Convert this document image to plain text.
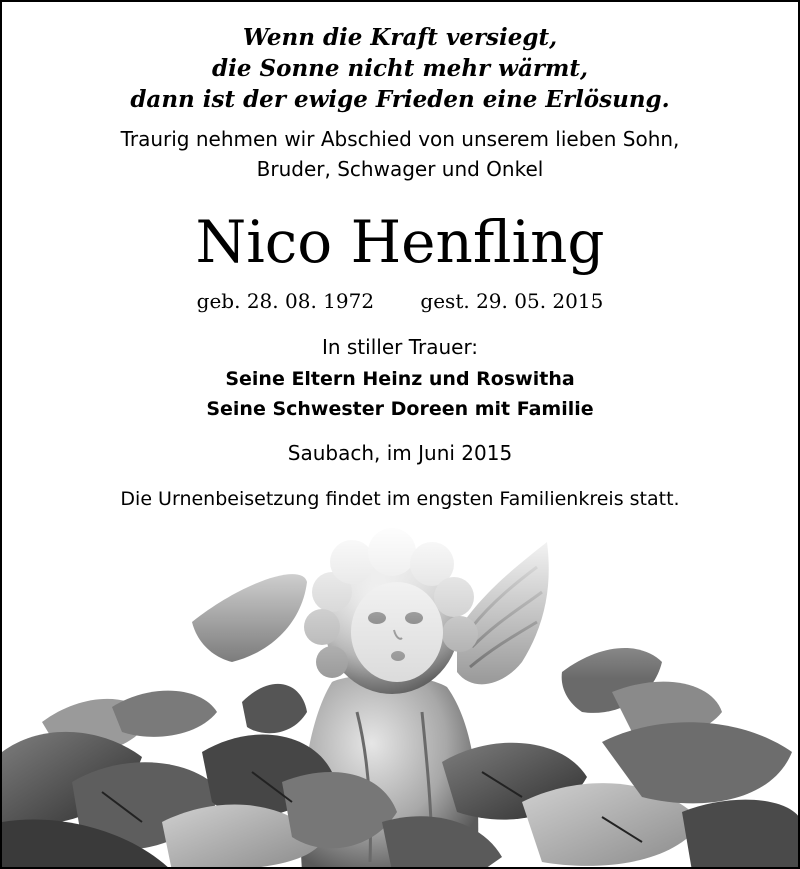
Wenn die Kraft versiegt,
die Sonne nicht mehr wärmt,
dann ist der ewige Frieden eine Erlösung.
Traurig nehmen wir Abschied von unserem lieben Sohn,
Bruder, Schwager und Onkel
Nico Henfling
geb. 28. 08. 1972 gest. 29. 05. 2015
In stiller Trauer:
Seine Eltern Heinz und Roswitha
Seine Schwester Doreen mit Familie
Saubach, im Juni 2015
Die Urnenbeisetzung findet im engsten Familienkreis statt.
